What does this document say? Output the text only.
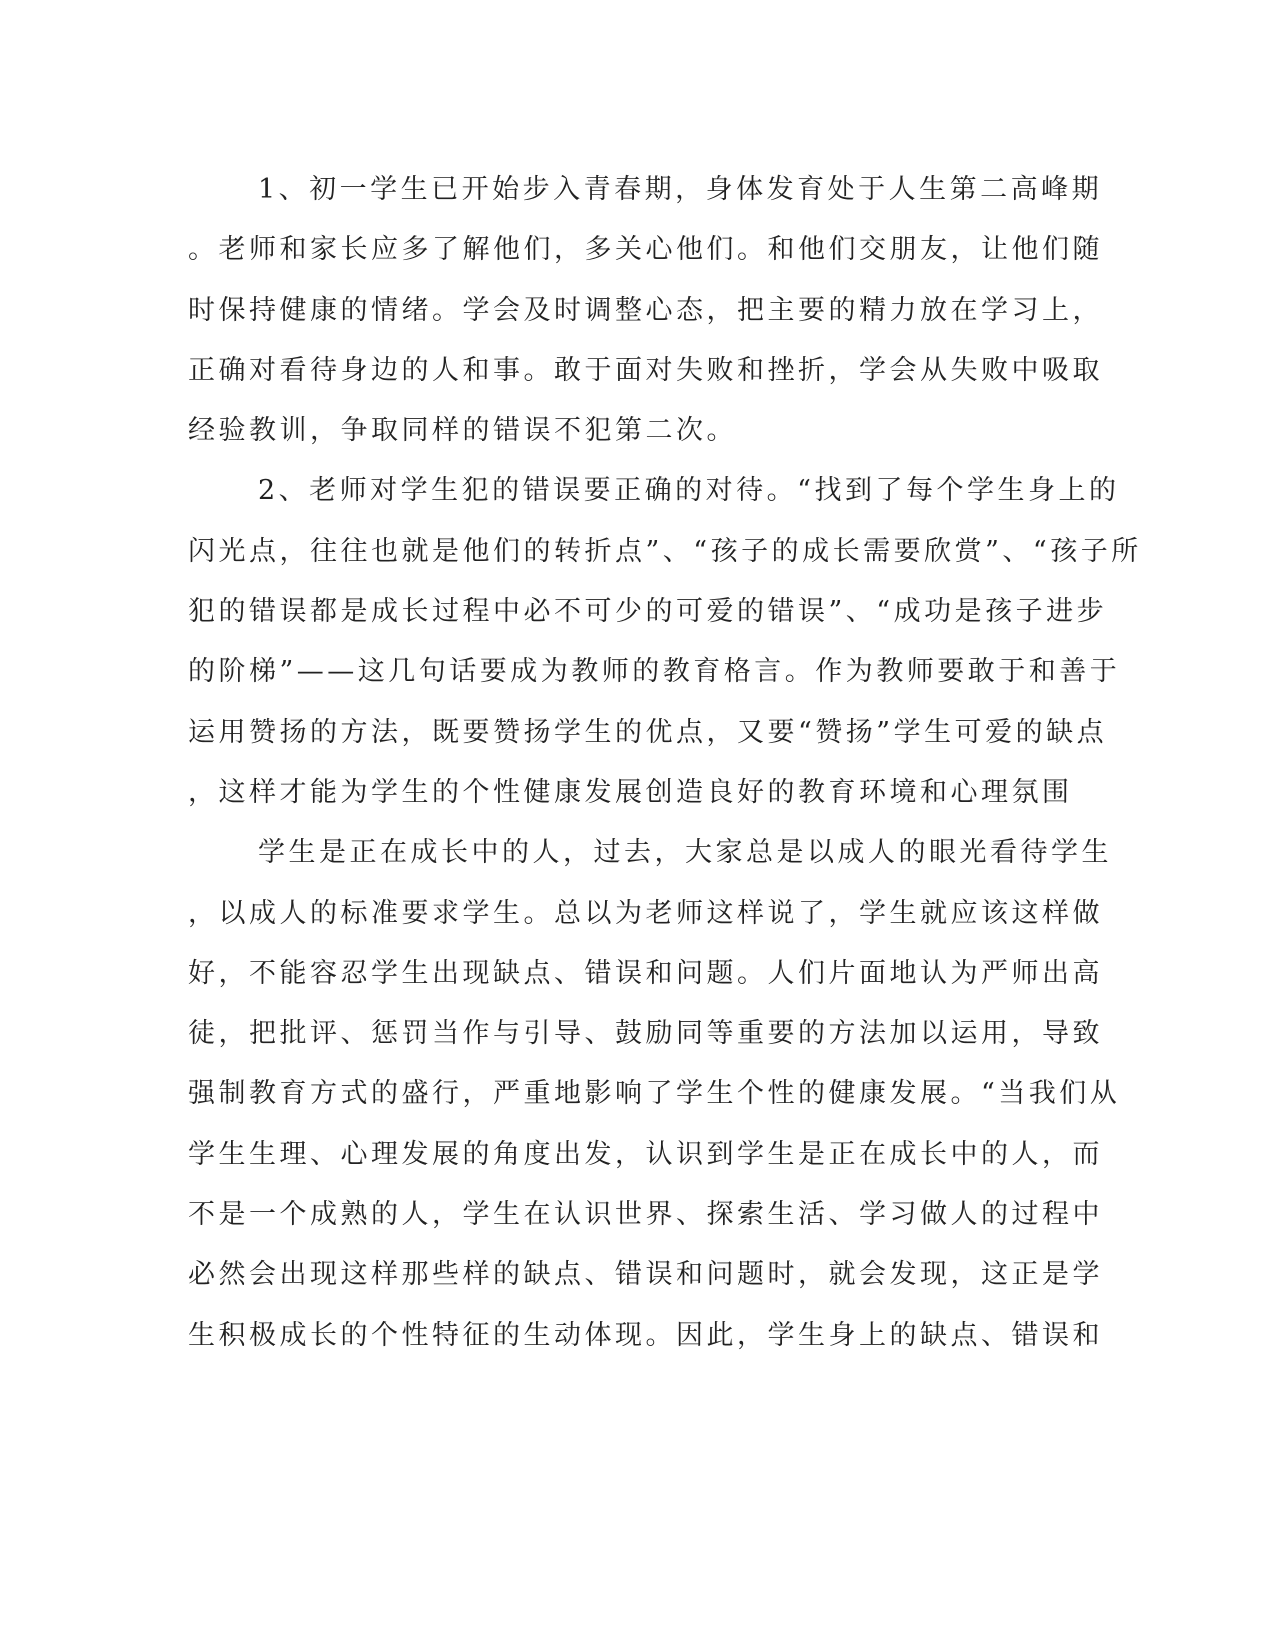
1、初一学生已开始步入青春期，身体发育处于人生第二高峰期
。老师和家长应多了解他们，多关心他们。和他们交朋友，让他们随
时保持健康的情绪。学会及时调整心态，把主要的精力放在学习上，
正确对看待身边的人和事。敢于面对失败和挫折，学会从失败中吸取
经验教训，争取同样的错误不犯第二次。
2、老师对学生犯的错误要正确的对待。“找到了每个学生身上的
闪光点，往往也就是他们的转折点”、“孩子的成长需要欣赏”、“孩子所
犯的错误都是成长过程中必不可少的可爱的错误”、“成功是孩子进步
的阶梯”——这几句话要成为教师的教育格言。作为教师要敢于和善于
运用赞扬的方法，既要赞扬学生的优点，又要“赞扬”学生可爱的缺点
，这样才能为学生的个性健康发展创造良好的教育环境和心理氛围
学生是正在成长中的人，过去，大家总是以成人的眼光看待学生
，以成人的标准要求学生。总以为老师这样说了，学生就应该这样做
好，不能容忍学生出现缺点、错误和问题。人们片面地认为严师出高
徒，把批评、惩罚当作与引导、鼓励同等重要的方法加以运用，导致
强制教育方式的盛行，严重地影响了学生个性的健康发展。“当我们从
学生生理、心理发展的角度出发，认识到学生是正在成长中的人，而
不是一个成熟的人，学生在认识世界、探索生活、学习做人的过程中
必然会出现这样那些样的缺点、错误和问题时，就会发现，这正是学
生积极成长的个性特征的生动体现。因此，学生身上的缺点、错误和
